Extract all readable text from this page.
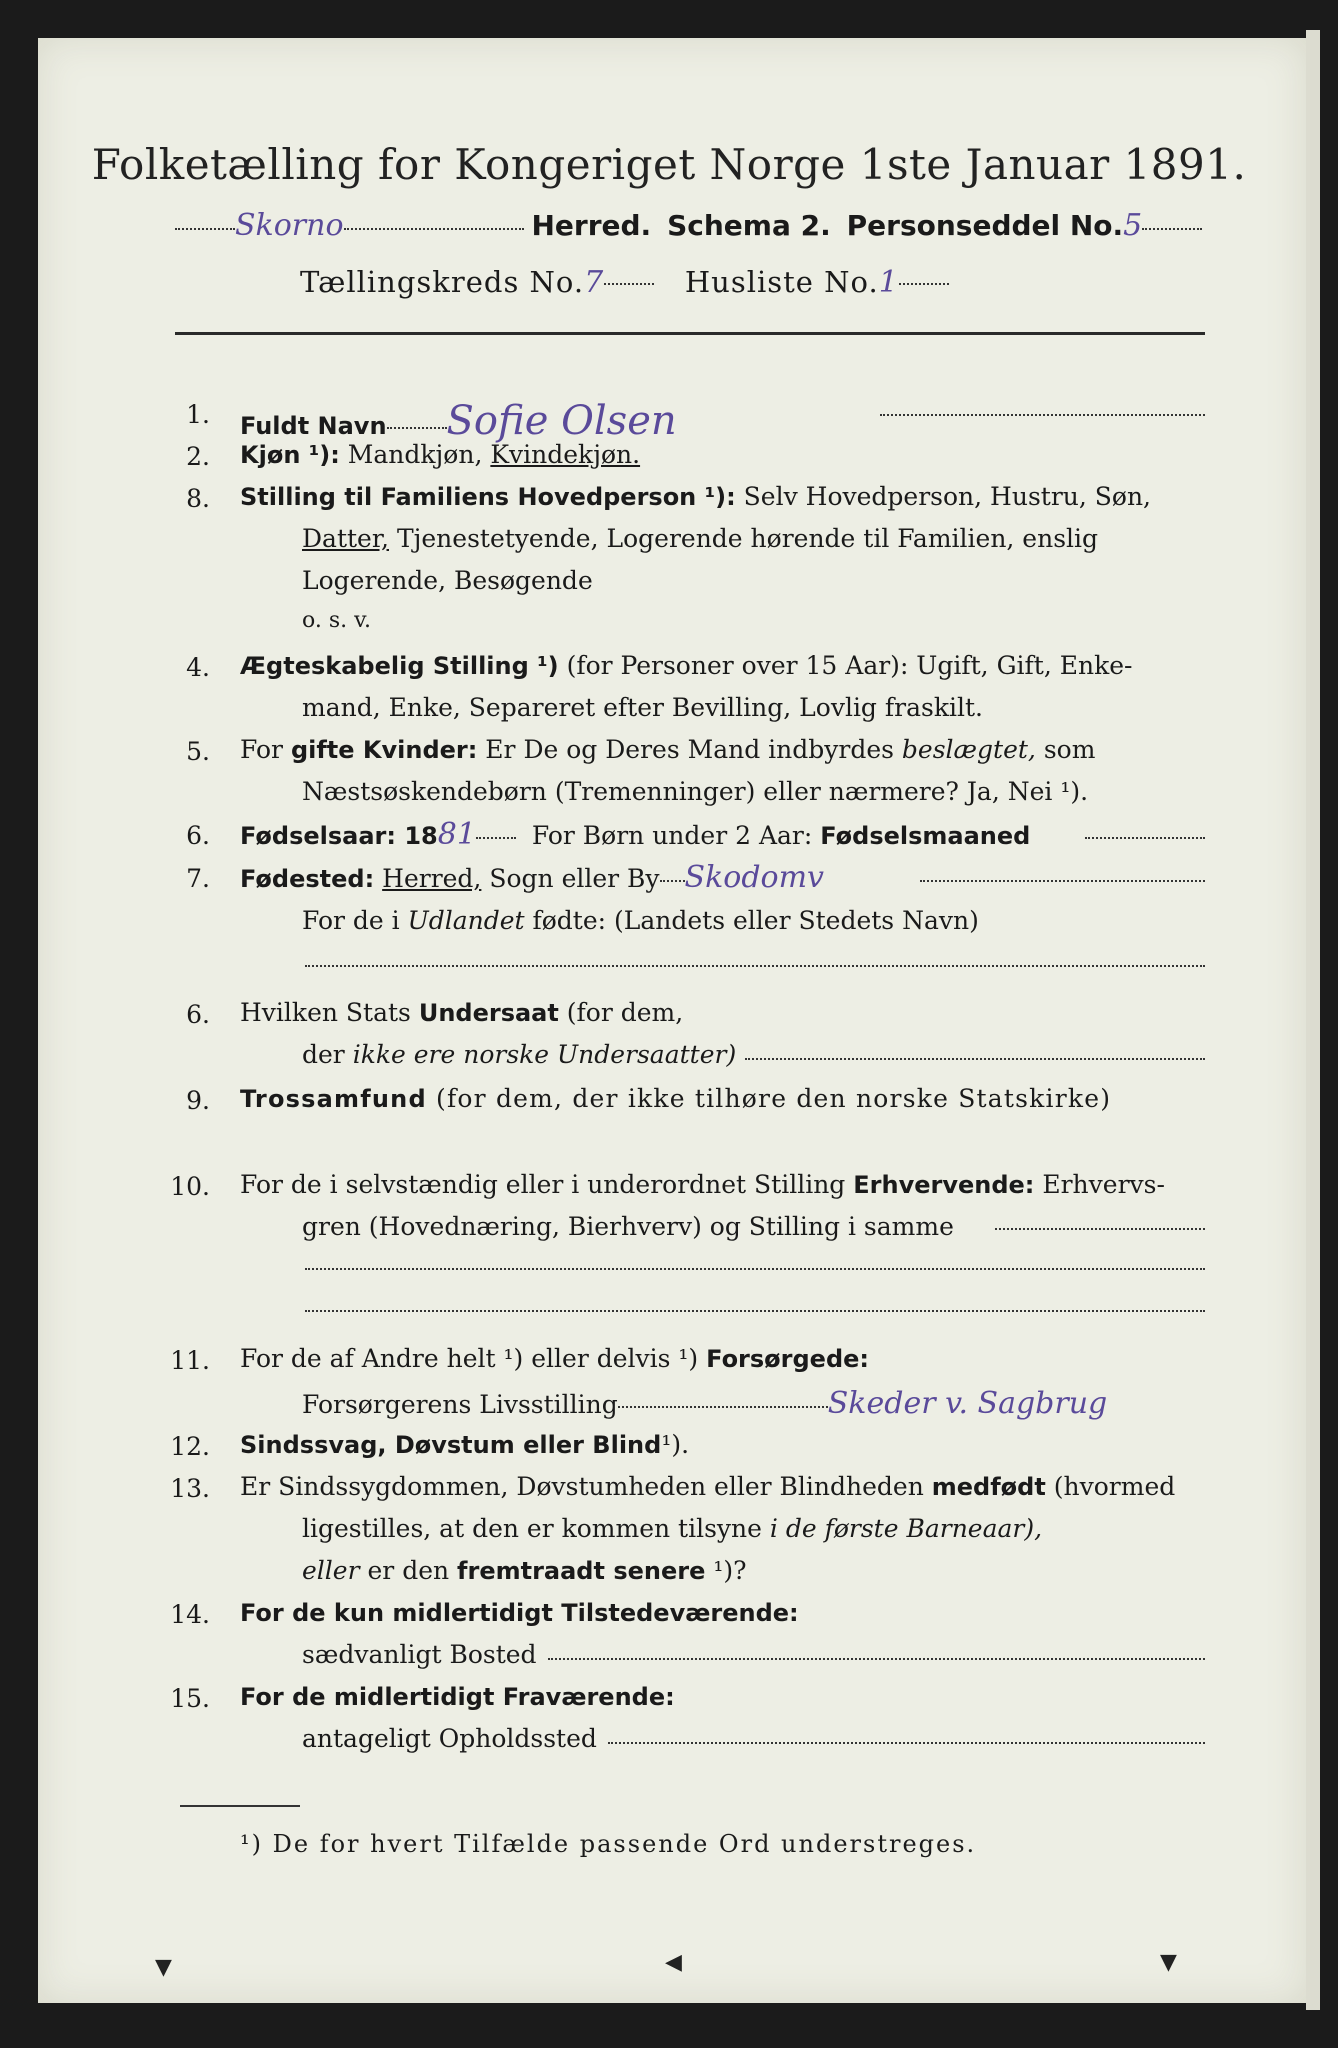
Folketælling for Kongeriget Norge 1ste Januar 1891.
Skorno	Herred. Schema 2. Personseddel No.5
Tællingskreds No.7	Husliste No.1
1. Fuldt Navn Sofie Olsen
2. Kjøn ¹): Mandkjøn, Kvindekjøn.
8. Stilling til Familiens Hovedperson ¹): Selv Hovedperson, Hustru, Søn,
Datter, Tjenestetyende, Logerende hørende til Familien, enslig
Logerende, Besøgende
o. s. v.
4. Ægteskabelig Stilling ¹) (for Personer over 15 Aar): Ugift, Gift, Enke-
mand, Enke, Separeret efter Bevilling, Lovlig fraskilt.
5. For gifte Kvinder: Er De og Deres Mand indbyrdes beslægtet, som
Næstsøskendebørn (Tremenninger) eller nærmere? Ja, Nei ¹).
6. Fødselsaar: 1881 For Børn under 2 Aar: Fødselsmaaned
7. Fødested: Herred, Sogn eller By Skodomv
For de i Udlandet fødte: (Landets eller Stedets Navn)
6. Hvilken Stats Undersaat (for dem,
der ikke ere norske Undersaatter)
9. Trossamfund (for dem, der ikke tilhøre den norske Statskirke)
10. For de i selvstændig eller i underordnet Stilling Erhvervende: Erhvervs-
gren (Hovednæring, Bierhverv) og Stilling i samme
11. For de af Andre helt ¹) eller delvis ¹) Forsørgede:
Forsørgerens Livsstilling	Skeder v. Sagbrug
12. Sindssvag, Døvstum eller Blind¹).
13. Er Sindssygdommen, Døvstumheden eller Blindheden medfødt (hvormed
ligestilles, at den er kommen tilsyne i de første Barneaar),
eller er den fremtraadt senere ¹)?
14. For de kun midlertidigt Tilstedeværende:
sædvanligt Bosted
15. For de midlertidigt Fraværende:
antageligt Opholdssted
¹) De for hvert Tilfælde passende Ord understreges.
▼	◀	▼
